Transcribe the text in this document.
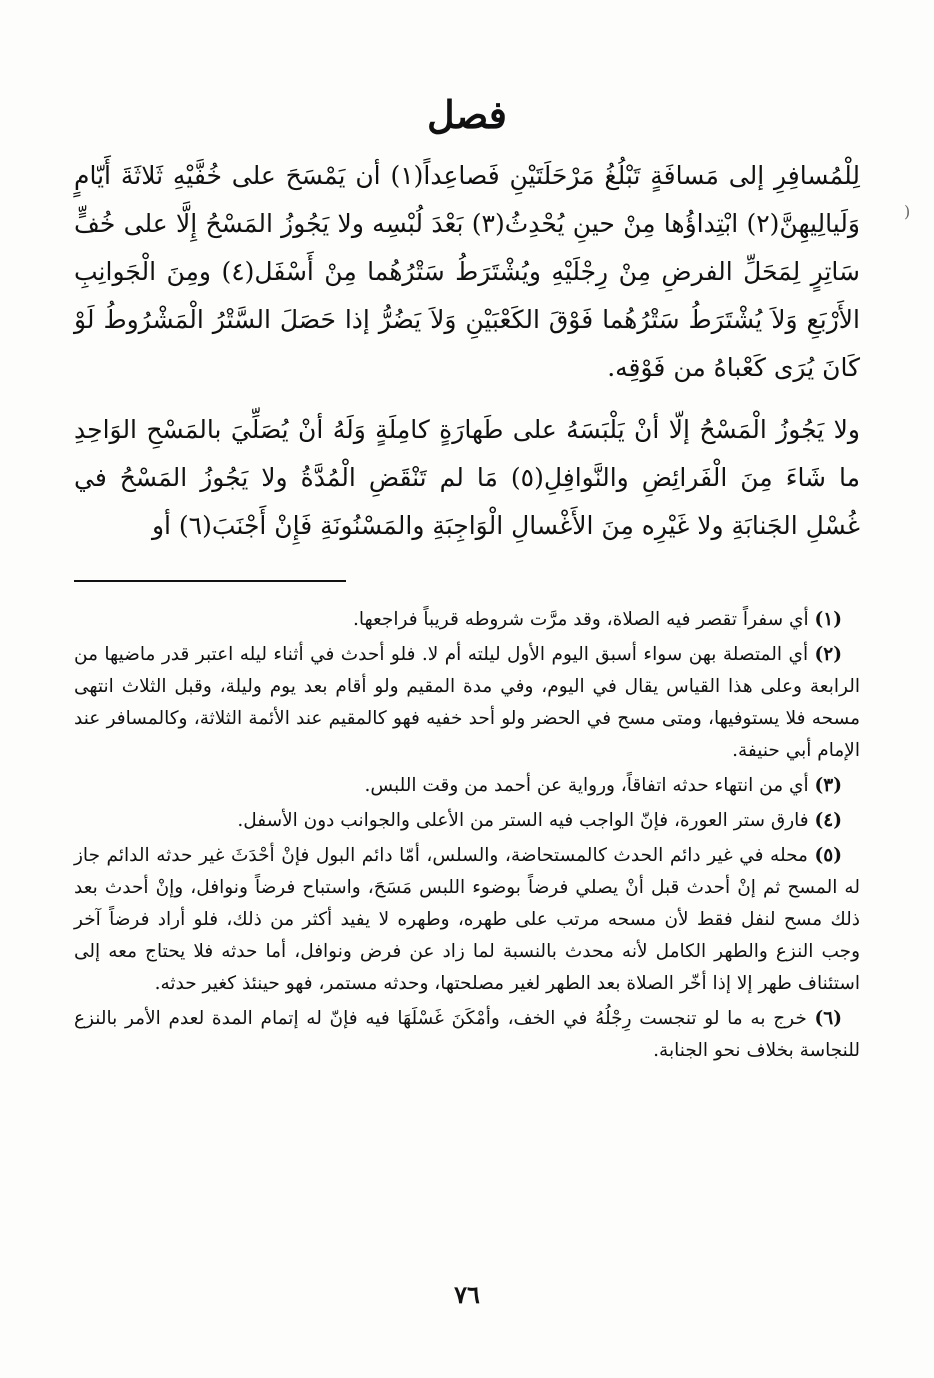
(
فصل

لِلْمُسافِرِ إلى مَسافَةٍ تَبْلُغُ مَرْحَلَتَيْنِ فَصاعِداً(١) أن يَمْسَحَ على خُفَّيْهِ ثَلاثَةَ أَيّامٍ وَلَيالِيهِنَّ(٢) ابْتِداؤُها مِنْ حينِ يُحْدِثُ(٣) بَعْدَ لُبْسِه ولا يَجُوزُ المَسْحُ إِلَّا على خُفٍّ سَاتِرٍ لِمَحَلِّ الفرضِ مِنْ رِجْلَيْهِ ويُشْتَرَطُ سَتْرُهُما مِنْ أَسْفَل(٤) ومِنَ الْجَوانِبِ الأَرْبَعِ وَلاَ يُشْتَرَطُ سَتْرُهُما فَوْقَ الكَعْبَيْنِ وَلاَ يَضُرُّ إذا حَصَلَ السَّتْرُ الْمَشْرُوطُ لَوْ كَانَ يُرَى كَعْباهُ من فَوْقِه.

ولا يَجُوزُ الْمَسْحُ إلّا أنْ يَلْبَسَهُ على طَهارَةٍ كامِلَةٍ وَلَهُ أنْ يُصَلِّيَ بالمَسْحِ الوَاحِدِ ما شَاءَ مِنَ الْفَرائِضِ والنَّوافِلِ(٥) مَا لم تَنْقَضِ الْمُدَّةُ ولا يَجُوزُ المَسْحُ في غُسْلِ الجَنابَةِ ولا غَيْرِه مِنَ الأَغْسالِ الْوَاجِبَةِ والمَسْنُونَةِ فَإِنْ أَجْنَبَ(٦) أو

(١) أي سفراً تقصر فيه الصلاة، وقد مرَّت شروطه قريباً فراجعها.

(٢) أي المتصلة بهن سواء أسبق اليوم الأول ليلته أم لا. فلو أحدث في أثناء ليله اعتبر قدر ماضيها من الرابعة وعلى هذا القياس يقال في اليوم، وفي مدة المقيم ولو أقام بعد يوم وليلة، وقبل الثلاث انتهى مسحه فلا يستوفيها، ومتى مسح في الحضر ولو أحد خفيه فهو كالمقيم عند الأئمة الثلاثة، وكالمسافر عند الإمام أبي حنيفة.

(٣) أي من انتهاء حدثه اتفاقاً، ورواية عن أحمد من وقت اللبس.

(٤) فارق ستر العورة، فإنّ الواجب فيه الستر من الأعلى والجوانب دون الأسفل.

(٥) محله في غير دائم الحدث كالمستحاضة، والسلس، أمّا دائم البول فإنْ أحْدَثَ غير حدثه الدائم جاز له المسح ثم إنْ أحدث قبل أنْ يصلي فرضاً بوضوء اللبس مَسَحَ، واستباح فرضاً ونوافل، وإنْ أحدث بعد ذلك مسح لنفل فقط لأن مسحه مرتب على طهره، وطهره لا يفيد أكثر من ذلك، فلو أراد فرضاً آخر وجب النزع والطهر الكامل لأنه محدث بالنسبة لما زاد عن فرض ونوافل، أما حدثه فلا يحتاج معه إلى استئناف طهر إلا إذا أخّر الصلاة بعد الطهر لغير مصلحتها، وحدثه مستمر، فهو حينئذ كغير حدثه.

(٦) خرج به ما لو تنجست رِجْلُهُ في الخف، وأمْكَنَ غَسْلَهَا فيه فإنّ له إتمام المدة لعدم الأمر بالنزع للنجاسة بخلاف نحو الجنابة.

٧٦
